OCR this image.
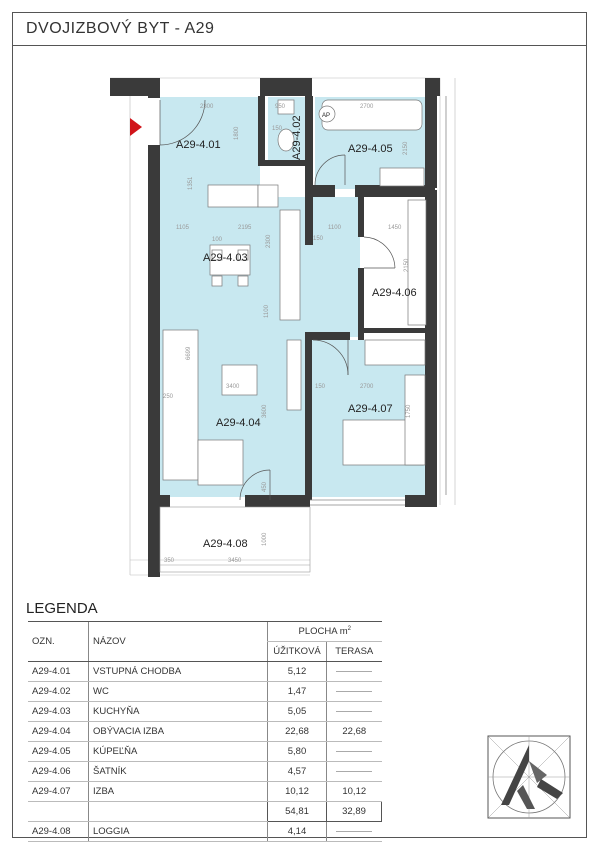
DVOJIZBOVÝ BYT - A29
A29-4.01	A29-4.02	A29-4.05
A29-4.03
A29-4.06
A29-4.07
A29-4.04
A29-4.08
AP
2300	950	2700
1800	150
2150
1351
1105	2195
100	2300
1100	1450
2150
6699
3400
1100
2700
250
3600	1750
450
1000
350	3450
150
150
LEGENDA
OZN.	NÁZOV	PLOCHA $m^2$
		ÚŽITKOVÁ	TERASA
A29-4.01	VSTUPNÁ CHODBA	5,12	
A29-4.02	WC	1,47	
A29-4.03	KUCHYŇA	5,05	
A29-4.04	OBÝVACIA IZBA	22,68	22,68
A29-4.05	KÚPEĽŇA	5,80	
A29-4.06	ŠATNÍK	4,57	
A29-4.07	IZBA	10,12	10,12
		54,81	32,89
A29-4.08	LOGGIA	4,14	
